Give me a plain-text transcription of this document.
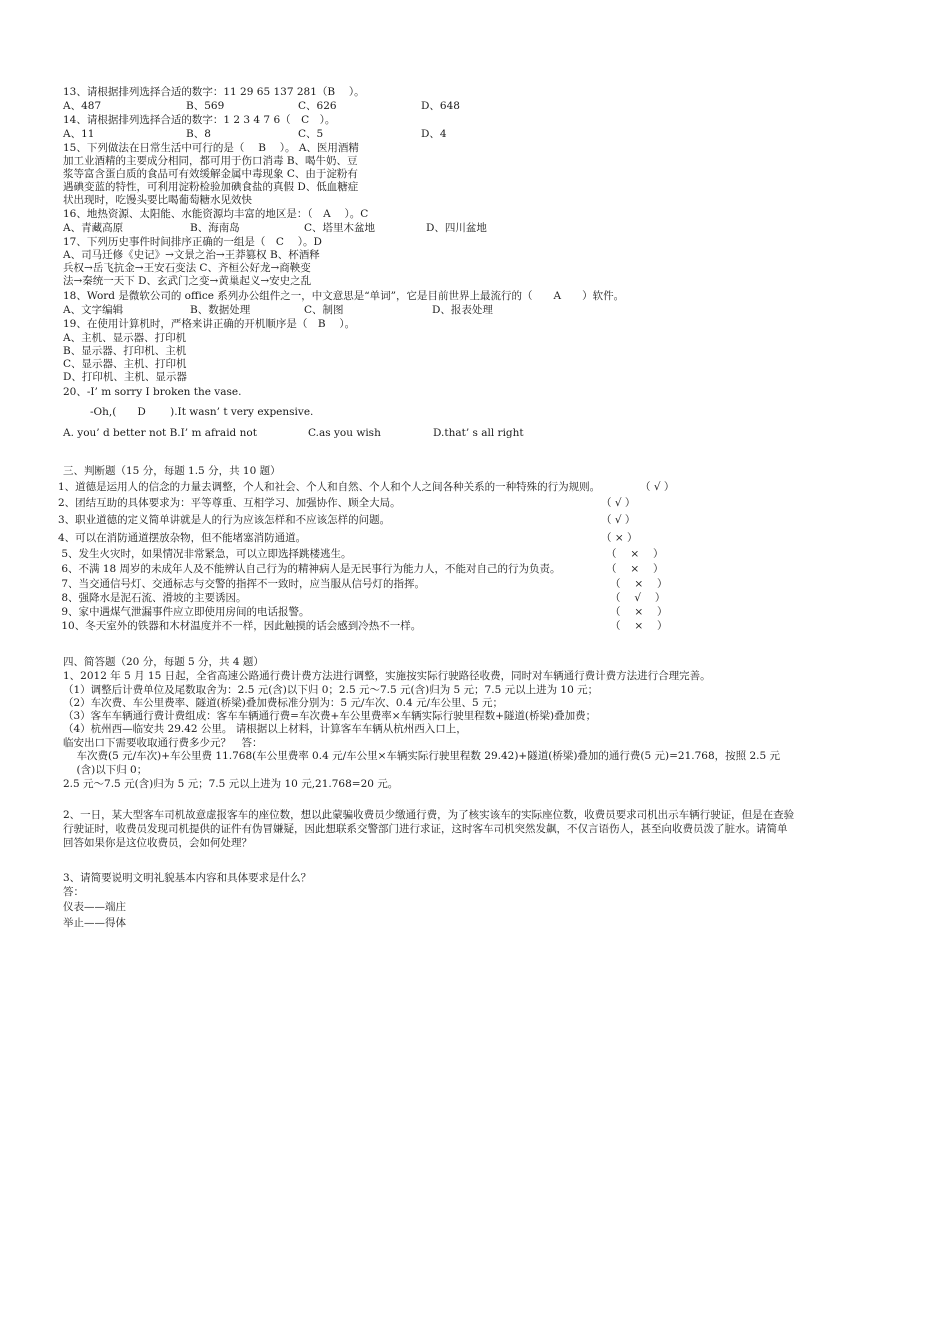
13、请根据排列选择合适的数字：11 29 65 137 281（B　 ）。
A、487	B、569	C、626	D、648
14、请根据排列选择合适的数字：1 2 3 4 7 6（　C　）。
A、11	B、8	C、5	D、4
15、下列做法在日常生活中可行的是（　 B　 ）。 A、医用酒精
加工业酒精的主要成分相同，都可用于伤口消毒 B、喝牛奶、豆
浆等富含蛋白质的食品可有效缓解金属中毒现象 C、由于淀粉有
遇碘变蓝的特性，可利用淀粉检验加碘食盐的真假 D、低血糖症
状出现时，吃馒头要比喝葡萄糖水见效快
16、地热资源、太阳能、水能资源均丰富的地区是：（　A　 ）。C
A、青藏高原	B、海南岛	C、塔里木盆地	D、四川盆地
17、下列历史事件时间排序正确的一组是（　C　 ）。D
A、司马迁修《史记》→文景之治→王莽篡权 B、杯酒释
兵权→岳飞抗金→王安石变法 C、齐桓公好龙→商鞅变
法→秦统一天下 D、玄武门之变→黄巢起义→安史之乱
18、Word 是微软公司的 office 系列办公组件之一，中文意思是“单词”，它是目前世界上最流行的（　　A　　）软件。
A、文字编辑	B、数据处理	C、制图	D、报表处理
19、在使用计算机时，严格来讲正确的开机顺序是（　B　 ）。
A、主机、显示器、打印机
B、显示器、打印机、主机
C、显示器、主机、打印机
D、打印机、主机、显示器
20、-I’ m sorry I broken the vase.
-Oh,(　　D　　 ).It wasn’ t very expensive.
A. you’ d better not B.I’ m afraid not	C.as you wish	D.that’ s all right
三、判断题（15 分，每题 1.5 分，共 10 题）
1、道德是运用人的信念的力量去调整，个人和社会、个人和自然、个人和个人之间各种关系的一种特殊的行为规则。	（ √ ）
2、团结互助的具体要求为：平等尊重、互相学习、加强协作、顾全大局。	（ √ ）
3、职业道德的定义简单讲就是人的行为应该怎样和不应该怎样的问题。	（ √ ）
4、可以在消防通道摆放杂物，但不能堵塞消防通道。	（ × ）
5、发生火灾时，如果情况非常紧急，可以立即选择跳楼逃生。	（　 ×　 ）
6、不满 18 周岁的未成年人及不能辨认自己行为的精神病人是无民事行为能力人，不能对自己的行为负责。	（　 ×　 ）
7、当交通信号灯、交通标志与交警的指挥不一致时，应当服从信号灯的指挥。	（　 ×　 ）
8、强降水是泥石流、滑坡的主要诱因。	（　 √　 ）
9、家中遇煤气泄漏事件应立即使用房间的电话报警。	（　 ×　 ）
10、冬天室外的铁器和木材温度并不一样，因此触摸的话会感到冷热不一样。	（　 ×　 ）
四、简答题（20 分，每题 5 分，共 4 题）
1、2012 年 5 月 15 日起，全省高速公路通行费计费方法进行调整，实施按实际行驶路径收费，同时对车辆通行费计费方法进行合理完善。
（1）调整后计费单位及尾数取舍为：2.5 元(含)以下归 0；2.5 元～7.5 元(含)归为 5 元；7.5 元以上进为 10 元；
（2）车次费、车公里费率、隧道(桥梁)叠加费标准分别为：5 元/车次、0.4 元/车公里、5 元；
（3）客车车辆通行费计费组成：客车车辆通行费=车次费+车公里费率×车辆实际行驶里程数+隧道(桥梁)叠加费；
（4）杭州西—临安共 29.42 公里。 请根据以上材料，计算客车车辆从杭州西入口上，
临安出口下需要收取通行费多少元？　答：
　车次费(5 元/车次)+车公里费 11.768(车公里费率 0.4 元/车公里×车辆实际行驶里程数 29.42)+隧道(桥梁)叠加的通行费(5 元)=21.768，按照 2.5 元
　(含)以下归 0；
2.5 元～7.5 元(含)归为 5 元；7.5 元以上进为 10 元,21.768=20 元。
2、一日，某大型客车司机故意虚报客车的座位数，想以此蒙骗收费员少缴通行费，为了核实该车的实际座位数，收费员要求司机出示车辆行驶证，但是在查验
行驶证时，收费员发现司机提供的证件有伪冒嫌疑，因此想联系交警部门进行求证，这时客车司机突然发飙，不仅言语伤人，甚至向收费员泼了脏水。请简单
回答如果你是这位收费员，会如何处理？
3、请简要说明文明礼貌基本内容和具体要求是什么？
答：
仪表——端庄
举止——得体
